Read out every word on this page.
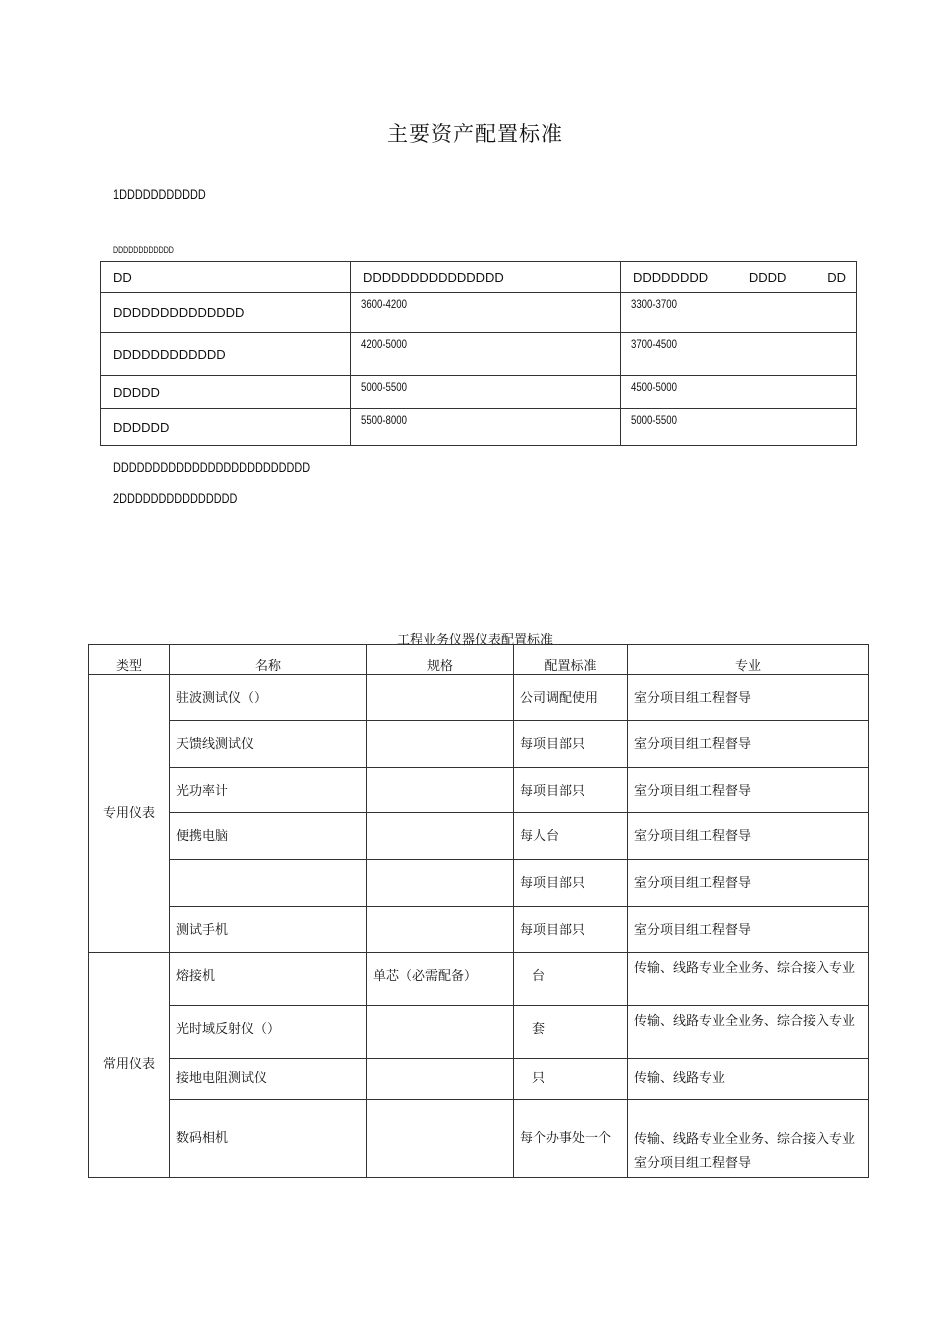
主要资产配置标准
1DDDDDDDDDDD
DDDDDDDDDDDD
DD	DDDDDDDDDDDDDDD	DDDDDDDD DDDD DD

DDDDDDDDDDDDDD	3600-4200	3300-3700
DDDDDDDDDDDD	4200-5000	3700-4500
DDDDD	5000-5500	4500-5000
DDDDDD	5500-8000	5000-5500
DDDDDDDDDDDDDDDDDDDDDDDDD
2DDDDDDDDDDDDDDD
工程业务仪器仪表配置标准
类型	名称	规格	配置标准	专业
专用仪表	驻波测试仪（）		公司调配使用	室分项目组工程督导
	天馈线测试仪		每项目部只	室分项目组工程督导
	光功率计		每项目部只	室分项目组工程督导
	便携电脑		每人台	室分项目组工程督导
			每项目部只	室分项目组工程督导
	测试手机		每项目部只	室分项目组工程督导
常用仪表	熔接机	单芯（必需配备）	台	传输、线路专业全业务、综合接入专业
	光时域反射仪（）		套	传输、线路专业全业务、综合接入专业
	接地电阻测试仪		只	传输、线路专业
	数码相机		每个办事处一个	传输、线路专业全业务、综合接入专业室分项目组工程督导
